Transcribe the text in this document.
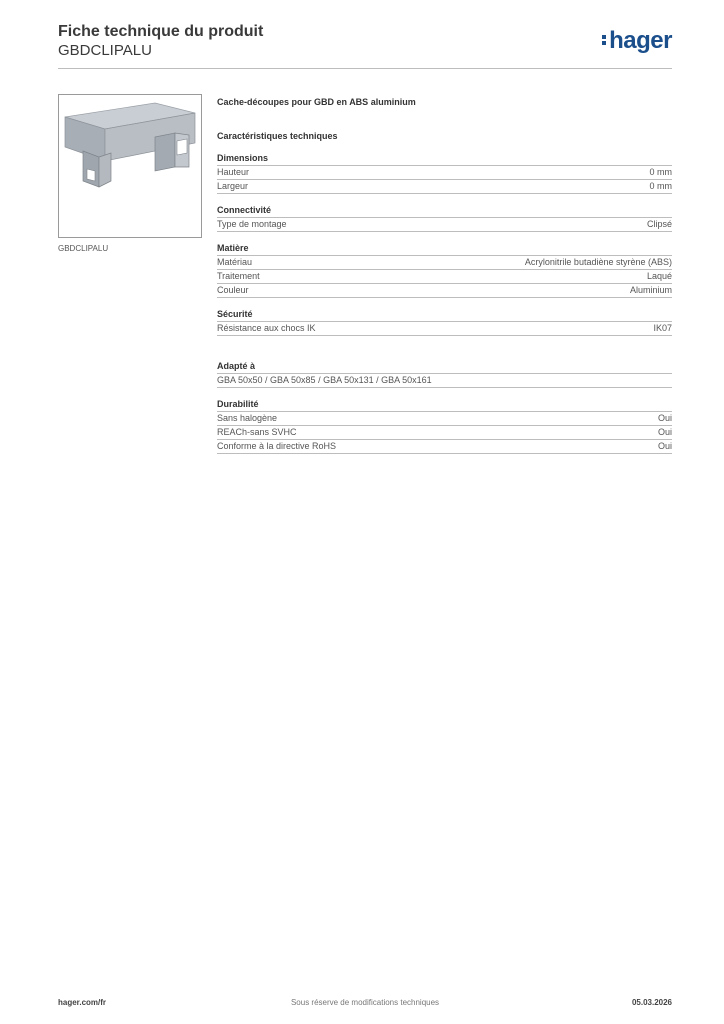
Fiche technique du produit
GBDCLIPALU	hager
GBDCLIPALU
Cache-découpes pour GBD en ABS aluminium
Caractéristiques techniques
Dimensions
Hauteur	0 mm
Largeur	0 mm
Connectivité
Type de montage	Clipsé
Matière
Matériau	Acrylonitrile butadiène styrène (ABS)
Traitement	Laqué
Couleur	Aluminium
Sécurité
Résistance aux chocs IK	IK07
Adapté à
GBA 50x50 / GBA 50x85 / GBA 50x131 / GBA 50x161
Durabilité
Sans halogène	Oui
REACh-sans SVHC	Oui
Conforme à la directive RoHS	Oui
hager.com/fr	Sous réserve de modifications techniques	05.03.2026
